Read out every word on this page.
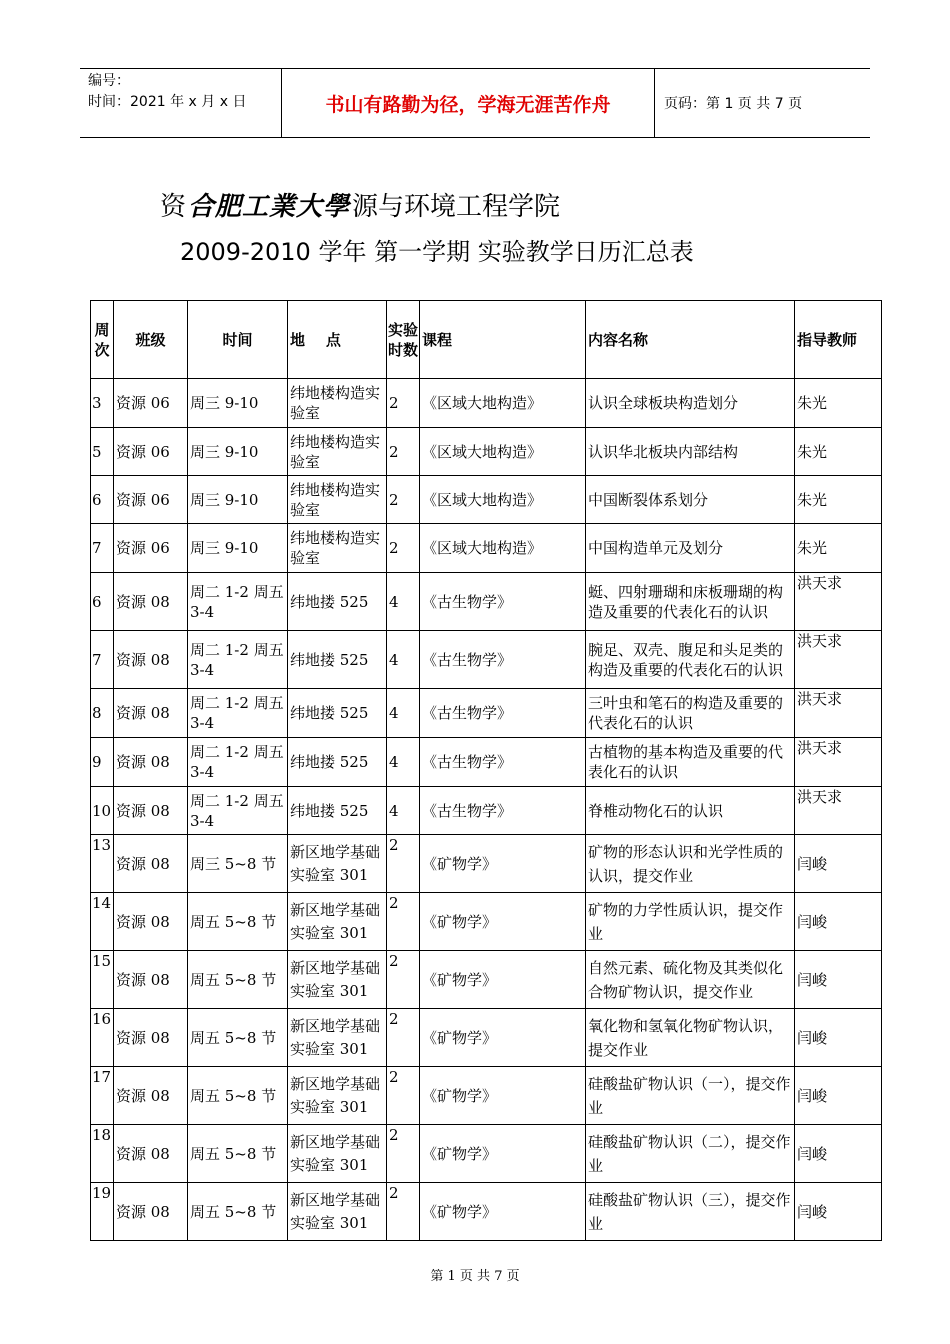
编号：
时间：2021 年 x 月 x 日	书山有路勤为径，学海无涯苦作舟	页码：第 1 页 共 7 页
资 合肥工業大學 源与环境工程学院
2009-2010 学年 第一学期 实验教学日历汇总表
周次	班级	时间	地    点	实验时数	课程	内容名称	指导教师
3	资源 06	周三 9-10	纬地楼构造实验室	2	《区域大地构造》	认识全球板块构造划分	朱光
5	资源 06	周三 9-10	纬地楼构造实验室	2	《区域大地构造》	认识华北板块内部结构	朱光
6	资源 06	周三 9-10	纬地楼构造实验室	2	《区域大地构造》	中国断裂体系划分	朱光
7	资源 06	周三 9-10	纬地楼构造实验室	2	《区域大地构造》	中国构造单元及划分	朱光
6	资源 08	周二 1-2 周五 3-4	纬地搂 525	4	《古生物学》	蜓、四射珊瑚和床板珊瑚的构造及重要的代表化石的认识	洪天求
7	资源 08	周二 1-2 周五 3-4	纬地搂 525	4	《古生物学》	腕足、双壳、腹足和头足类的构造及重要的代表化石的认识	洪天求
8	资源 08	周二 1-2 周五 3-4	纬地搂 525	4	《古生物学》	三叶虫和笔石的构造及重要的代表化石的认识	洪天求
9	资源 08	周二 1-2 周五 3-4	纬地搂 525	4	《古生物学》	古植物的基本构造及重要的代表化石的认识	洪天求
10	资源 08	周二 1-2 周五 3-4	纬地搂 525	4	《古生物学》	脊椎动物化石的认识	洪天求
13	资源 08	周三 5~8 节	新区地学基础实验室 301	2	《矿物学》	矿物的形态认识和光学性质的认识，提交作业	闫峻
14	资源 08	周五 5~8 节	新区地学基础实验室 301	2	《矿物学》	矿物的力学性质认识，提交作业	闫峻
15	资源 08	周五 5~8 节	新区地学基础实验室 301	2	《矿物学》	自然元素、硫化物及其类似化合物矿物认识，提交作业	闫峻
16	资源 08	周五 5~8 节	新区地学基础实验室 301	2	《矿物学》	氧化物和氢氧化物矿物认识，提交作业	闫峻
17	资源 08	周五 5~8 节	新区地学基础实验室 301	2	《矿物学》	硅酸盐矿物认识（一），提交作业	闫峻
18	资源 08	周五 5~8 节	新区地学基础实验室 301	2	《矿物学》	硅酸盐矿物认识（二），提交作业	闫峻
19	资源 08	周五 5~8 节	新区地学基础实验室 301	2	《矿物学》	硅酸盐矿物认识（三），提交作业	闫峻
第 1 页 共 7 页
